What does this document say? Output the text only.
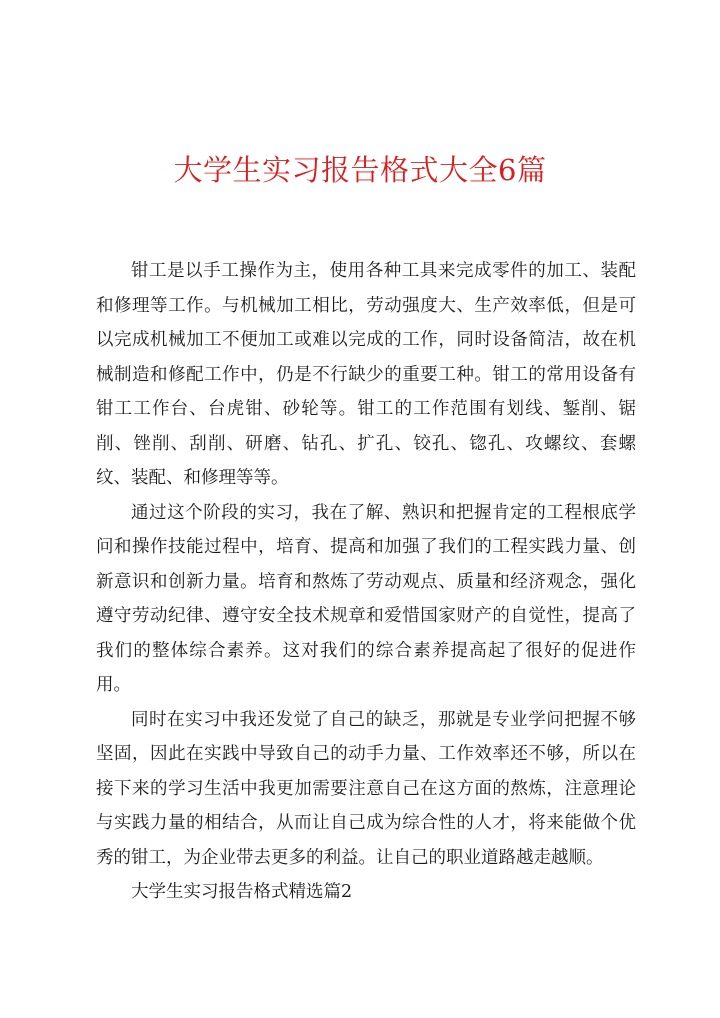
大学生实习报告格式大全6篇

钳工是以手工操作为主，使用各种工具来完成零件的加工、装配和修理等工作。与机械加工相比，劳动强度大、生产效率低，但是可以完成机械加工不便加工或难以完成的工作，同时设备简洁，故在机械制造和修配工作中，仍是不行缺少的重要工种。钳工的常用设备有钳工工作台、台虎钳、砂轮等。钳工的工作范围有划线、錾削、锯削、锉削、刮削、研磨、钻孔、扩孔、铰孔、锪孔、攻螺纹、套螺纹、装配、和修理等等。

通过这个阶段的实习，我在了解、熟识和把握肯定的工程根底学问和操作技能过程中，培育、提高和加强了我们的工程实践力量、创新意识和创新力量。培育和熬炼了劳动观点、质量和经济观念，强化遵守劳动纪律、遵守安全技术规章和爱惜国家财产的自觉性，提高了我们的整体综合素养。这对我们的综合素养提高起了很好的促进作用。

同时在实习中我还发觉了自己的缺乏，那就是专业学问把握不够坚固，因此在实践中导致自己的动手力量、工作效率还不够，所以在接下来的学习生活中我更加需要注意自己在这方面的熬炼，注意理论与实践力量的相结合，从而让自己成为综合性的人才，将来能做个优秀的钳工，为企业带去更多的利益。让自己的职业道路越走越顺。

大学生实习报告格式精选篇2
